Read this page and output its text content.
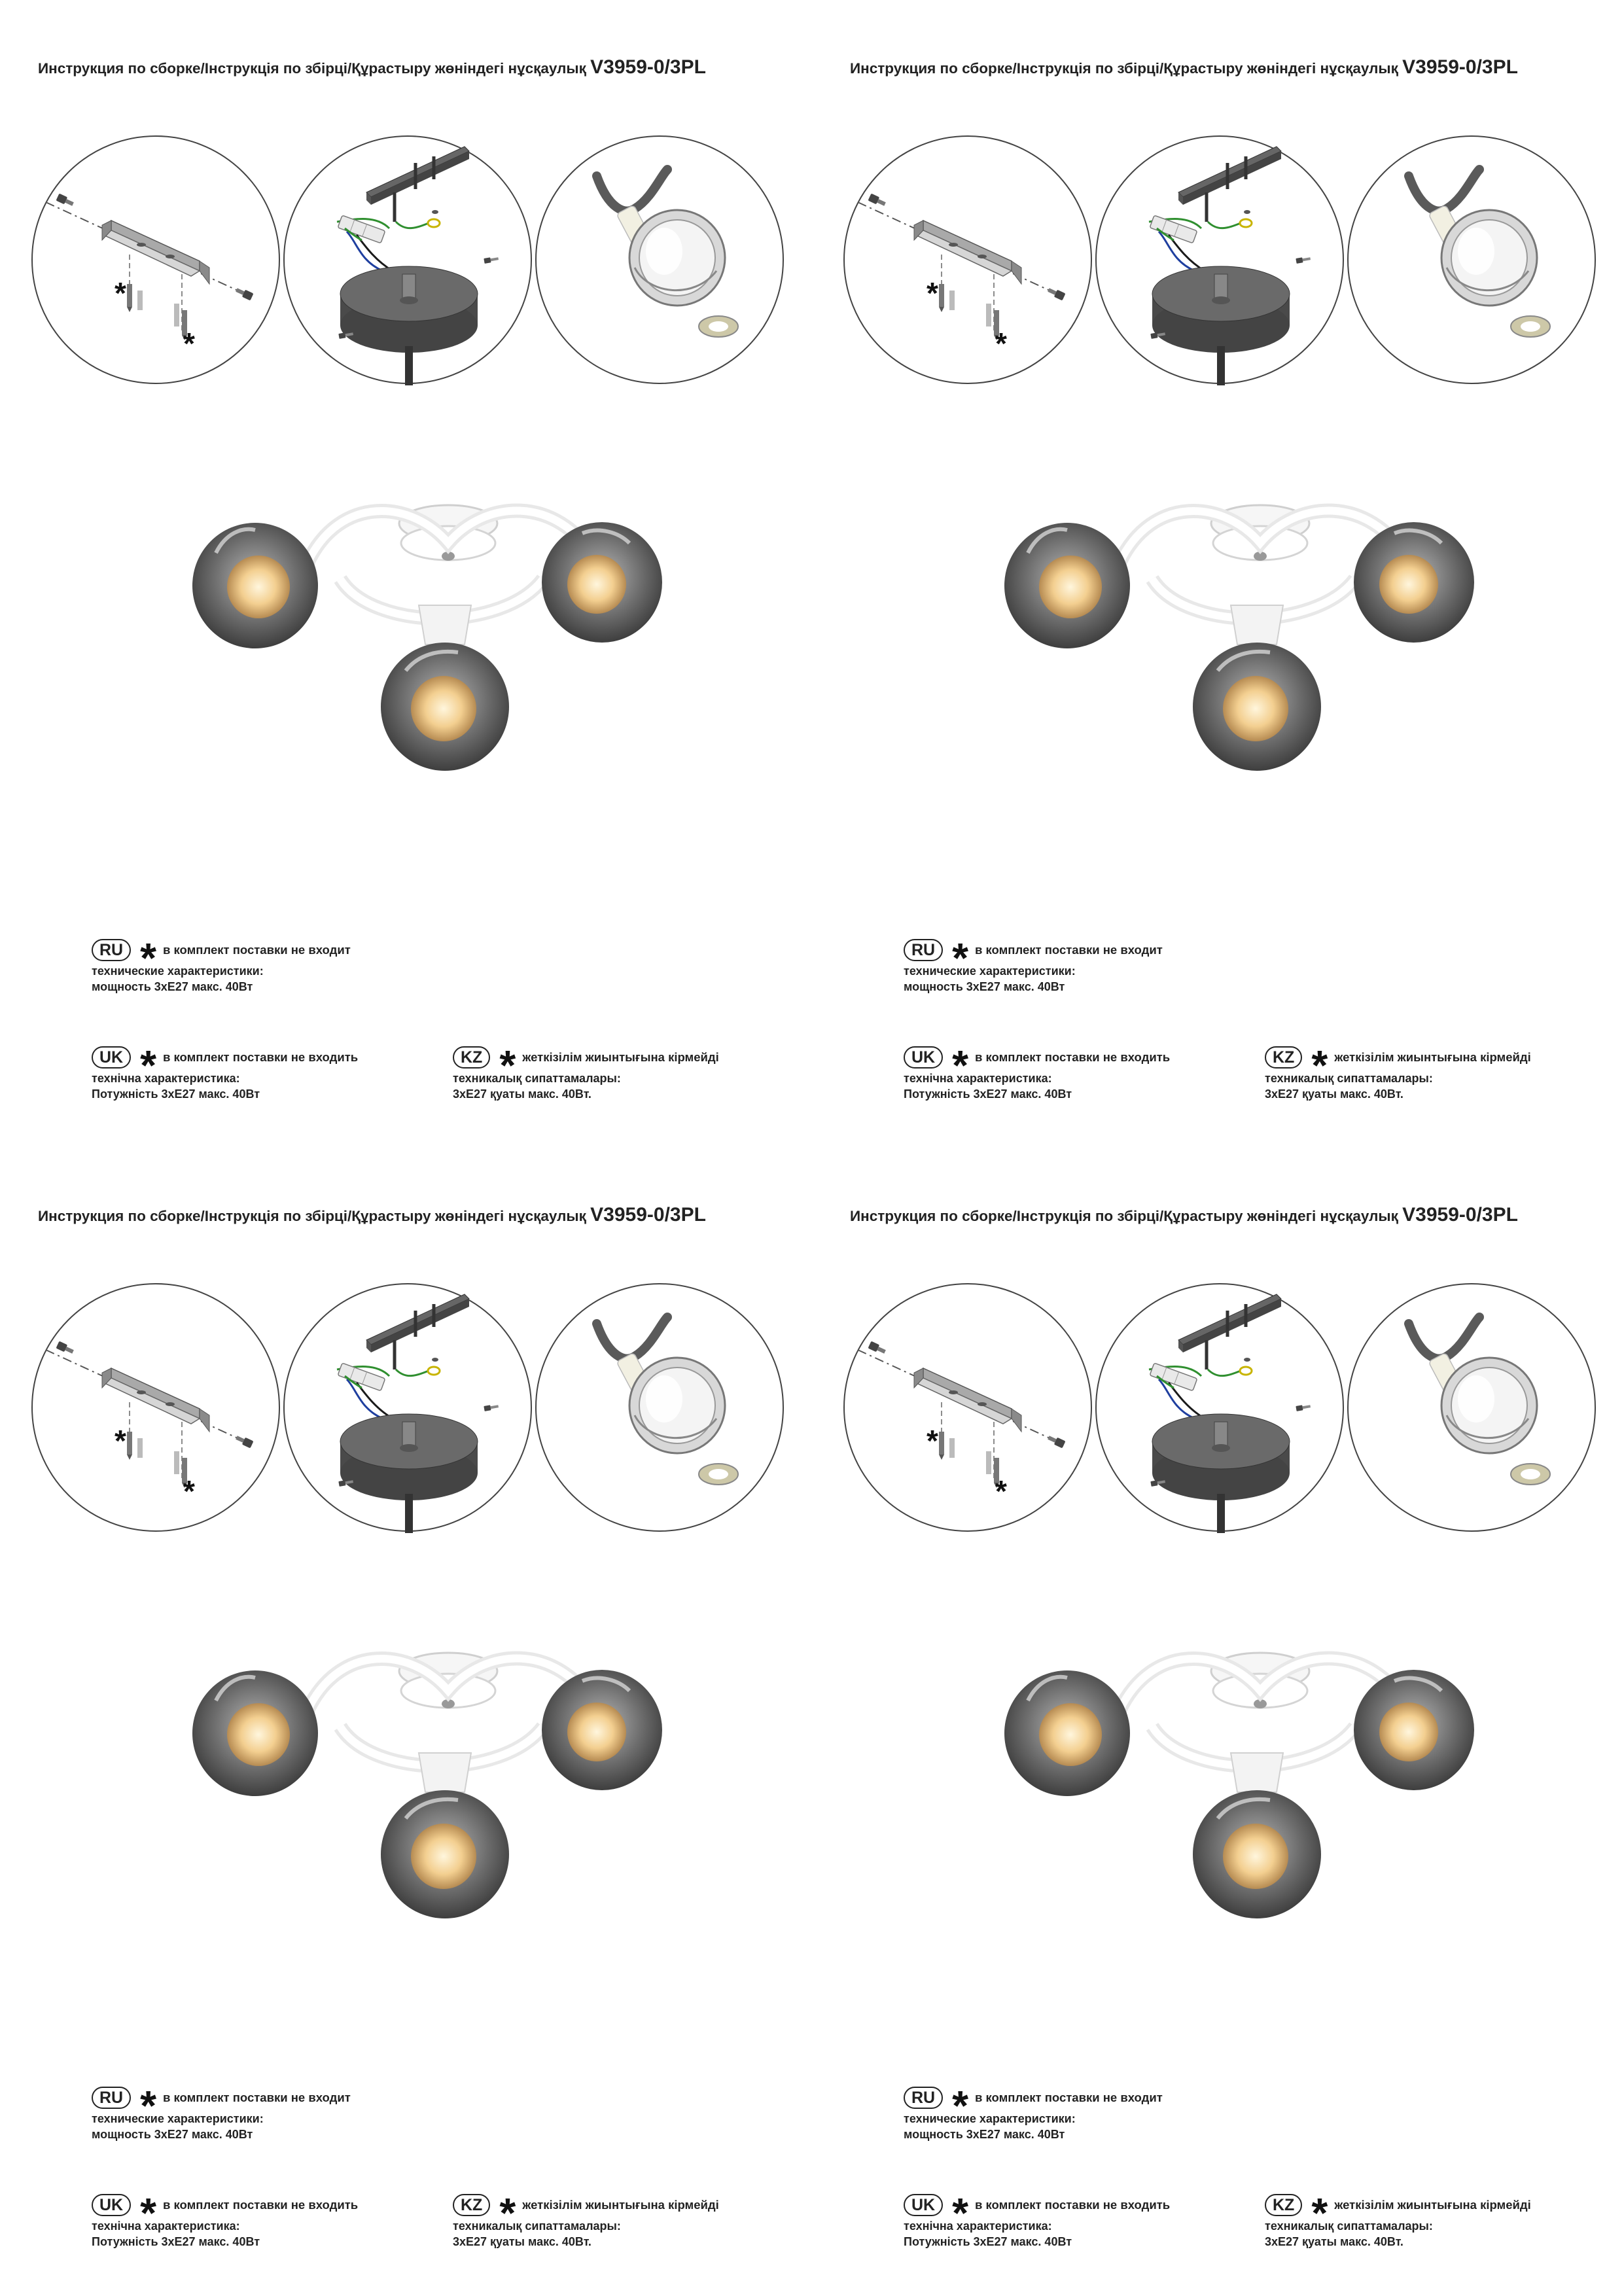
Инструкция по сборке/Інструкція по збірці/Құрастыру жөніндегі нұсқаулық V3959-0/3PL
*
*
RU * в комплект поставки не входит
технические характеристики:
мощность 3хЕ27 макс. 40Вт
UK * в комплект поставки не входить
технічна характеристика:
Потужність 3хЕ27 макс. 40Вт
KZ * жеткізілім жиынтығына кірмейді
техникалық сипаттамалары:
3хЕ27 қуаты макс. 40Вт.
Инструкция по сборке/Інструкція по збірці/Құрастыру жөніндегі нұсқаулық V3959-0/3PL
*
*
RU * в комплект поставки не входит
технические характеристики:
мощность 3хЕ27 макс. 40Вт
UK * в комплект поставки не входить
технічна характеристика:
Потужність 3хЕ27 макс. 40Вт
KZ * жеткізілім жиынтығына кірмейді
техникалық сипаттамалары:
3хЕ27 қуаты макс. 40Вт.
Инструкция по сборке/Інструкція по збірці/Құрастыру жөніндегі нұсқаулық V3959-0/3PL
*
*
RU * в комплект поставки не входит
технические характеристики:
мощность 3хЕ27 макс. 40Вт
UK * в комплект поставки не входить
технічна характеристика:
Потужність 3хЕ27 макс. 40Вт
KZ * жеткізілім жиынтығына кірмейді
техникалық сипаттамалары:
3хЕ27 қуаты макс. 40Вт.
Инструкция по сборке/Інструкція по збірці/Құрастыру жөніндегі нұсқаулық V3959-0/3PL
*
*
RU * в комплект поставки не входит
технические характеристики:
мощность 3хЕ27 макс. 40Вт
UK * в комплект поставки не входить
технічна характеристика:
Потужність 3хЕ27 макс. 40Вт
KZ * жеткізілім жиынтығына кірмейді
техникалық сипаттамалары:
3хЕ27 қуаты макс. 40Вт.
